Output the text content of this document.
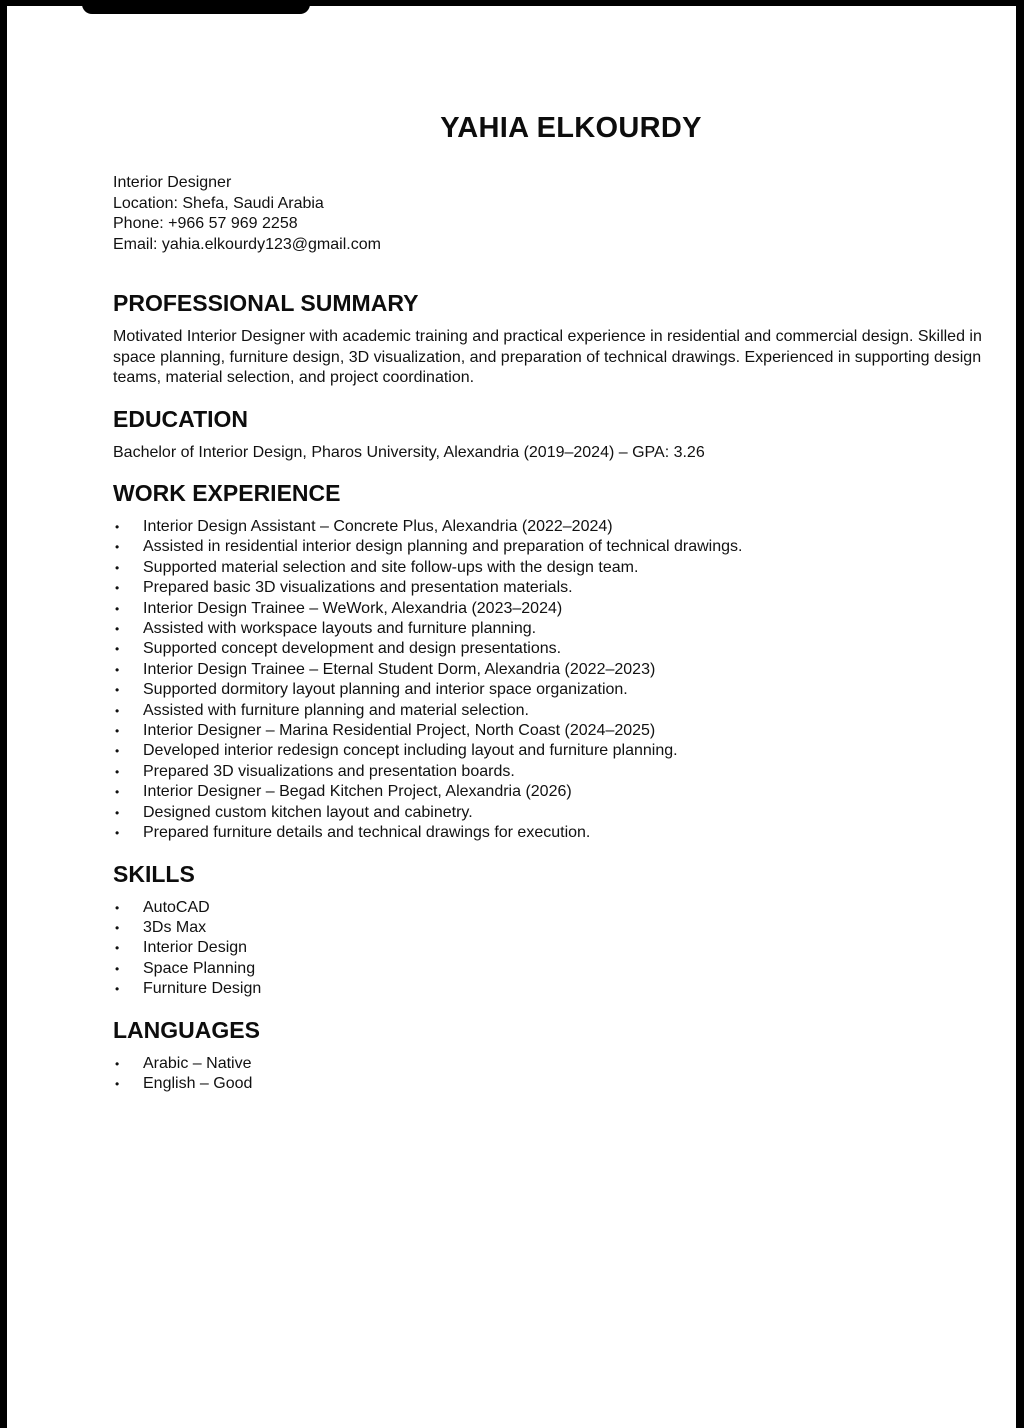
YAHIA ELKOURDY

Interior Designer

Location: Shefa, Saudi Arabia

Phone: +966 57 969 2258

Email: yahia.elkourdy123@gmail.com

PROFESSIONAL SUMMARY

Motivated Interior Designer with academic training and practical experience in residential and commercial design. Skilled in space planning, furniture design, 3D visualization, and preparation of technical drawings. Experienced in supporting design teams, material selection, and project coordination.

EDUCATION

Bachelor of Interior Design, Pharos University, Alexandria (2019–2024) – GPA: 3.26

WORK EXPERIENCE
• Interior Design Assistant – Concrete Plus, Alexandria (2022–2024)
• Assisted in residential interior design planning and preparation of technical drawings.
• Supported material selection and site follow-ups with the design team.
• Prepared basic 3D visualizations and presentation materials.
• Interior Design Trainee – WeWork, Alexandria (2023–2024)
• Assisted with workspace layouts and furniture planning.
• Supported concept development and design presentations.
• Interior Design Trainee – Eternal Student Dorm, Alexandria (2022–2023)
• Supported dormitory layout planning and interior space organization.
• Assisted with furniture planning and material selection.
• Interior Designer – Marina Residential Project, North Coast (2024–2025)
• Developed interior redesign concept including layout and furniture planning.
• Prepared 3D visualizations and presentation boards.
• Interior Designer – Begad Kitchen Project, Alexandria (2026)
• Designed custom kitchen layout and cabinetry.
• Prepared furniture details and technical drawings for execution.
SKILLS
• AutoCAD
• 3Ds Max
• Interior Design
• Space Planning
• Furniture Design
LANGUAGES
• Arabic – Native
• English – Good
